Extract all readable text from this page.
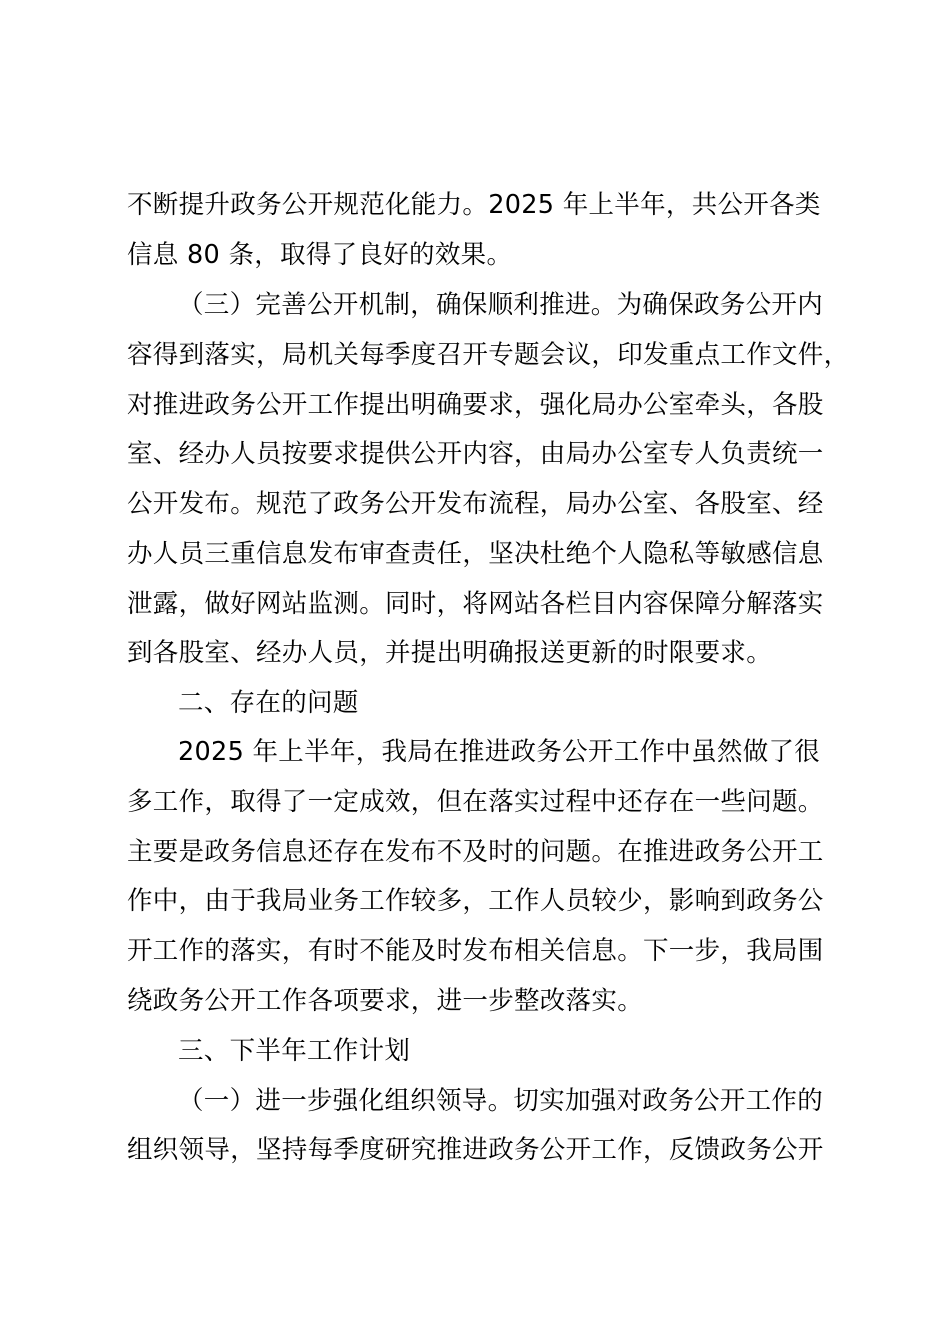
不断提升政务公开规范化能力。2025 年上半年，共公开各类
信息 80 条，取得了良好的效果。
（三）完善公开机制，确保顺利推进。为确保政务公开内
容得到落实，局机关每季度召开专题会议，印发重点工作文件，
对推进政务公开工作提出明确要求，强化局办公室牵头，各股
室、经办人员按要求提供公开内容，由局办公室专人负责统一
公开发布。规范了政务公开发布流程，局办公室、各股室、经
办人员三重信息发布审查责任，坚决杜绝个人隐私等敏感信息
泄露，做好网站监测。同时，将网站各栏目内容保障分解落实
到各股室、经办人员，并提出明确报送更新的时限要求。
二、存在的问题
2025 年上半年，我局在推进政务公开工作中虽然做了很
多工作，取得了一定成效，但在落实过程中还存在一些问题。
主要是政务信息还存在发布不及时的问题。在推进政务公开工
作中，由于我局业务工作较多，工作人员较少，影响到政务公
开工作的落实，有时不能及时发布相关信息。下一步，我局围
绕政务公开工作各项要求，进一步整改落实。
三、下半年工作计划
（一）进一步强化组织领导。切实加强对政务公开工作的
组织领导，坚持每季度研究推进政务公开工作，反馈政务公开
